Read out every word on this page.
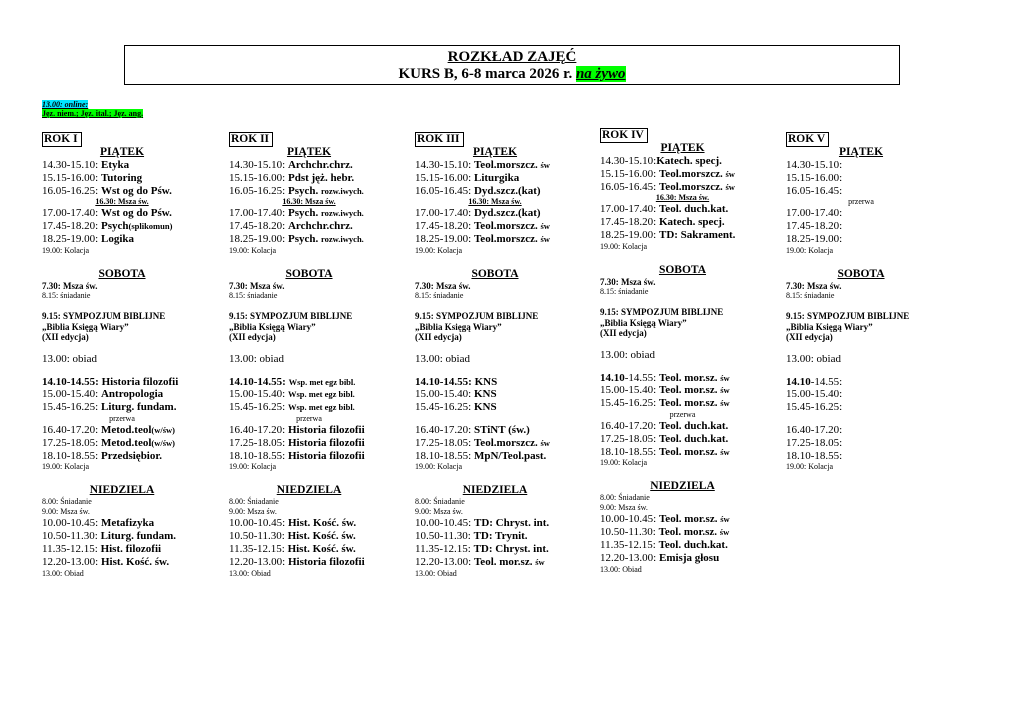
ROZKŁAD ZAJĘĆ
KURS B, 6-8 marca 2026 r. na żywo
13.00: online:
Jęz. niem.; Jęz. ital.; Jęz. ang.
ROK I
PIĄTEK
14.30-15.10: Etyka
15.15-16.00: Tutoring
16.05-16.25: Wst og do Pśw.
16.30: Msza św.
17.00-17.40: Wst og do Pśw.
17.45-18.20: Psych(splikomun)
18.25-19.00: Logika
19.00: Kolacja
SOBOTA
7.30: Msza św.
8.15: śniadanie
9.15: SYMPOZJUM BIBLIJNE
„Biblia Księgą Wiary”
(XII edycja)
13.00: obiad
14.10-14.55: Historia filozofii
15.00-15.40: Antropologia
15.45-16.25: Liturg. fundam.
przerwa
16.40-17.20: Metod.teol(w/św)
17.25-18.05: Metod.teol(w/św)
18.10-18.55: Przedsiębior.
19.00: Kolacja
NIEDZIELA
8.00: Śniadanie
9.00: Msza św.
10.00-10.45: Metafizyka
10.50-11.30: Liturg. fundam.
11.35-12.15: Hist. filozofii
12.20-13.00: Hist. Kość. św.
13.00: Obiad
ROK II
PIĄTEK
14.30-15.10: Archchr.chrz.
15.15-16.00: Pdst jęż. hebr.
16.05-16.25: Psych. rozw.iwych.
16.30: Msza św.
17.00-17.40: Psych. rozw.iwych.
17.45-18.20: Archchr.chrz.
18.25-19.00: Psych. rozw.iwych.
19.00: Kolacja
SOBOTA
7.30: Msza św.
8.15: śniadanie
9.15: SYMPOZJUM BIBLIJNE
„Biblia Księgą Wiary”
(XII edycja)
13.00: obiad
14.10-14.55: Wsp. met egz bibl.
15.00-15.40: Wsp. met egz bibl.
15.45-16.25: Wsp. met egz bibl.
przerwa
16.40-17.20: Historia filozofii
17.25-18.05: Historia filozofii
18.10-18.55: Historia filozofii
19.00: Kolacja
NIEDZIELA
8.00: Śniadanie
9.00: Msza św.
10.00-10.45: Hist. Kość. św.
10.50-11.30: Hist. Kość. św.
11.35-12.15: Hist. Kość. św.
12.20-13.00: Historia filozofii
13.00: Obiad
ROK III
PIĄTEK
14.30-15.10: Teol.morszcz. św
15.15-16.00: Liturgika
16.05-16.45: Dyd.szcz.(kat)
16.30: Msza św.
17.00-17.40: Dyd.szcz.(kat)
17.45-18.20: Teol.morszcz. św
18.25-19.00: Teol.morszcz. św
19.00: Kolacja
SOBOTA
7.30: Msza św.
8.15: śniadanie
9.15: SYMPOZJUM BIBLIJNE
„Biblia Księgą Wiary”
(XII edycja)
13.00: obiad
14.10-14.55: KNS
15.00-15.40: KNS
15.45-16.25: KNS
16.40-17.20: STiNT (św.)
17.25-18.05: Teol.morszcz. św
18.10-18.55: MpN/Teol.past.
19.00: Kolacja
NIEDZIELA
8.00: Śniadanie
9.00: Msza św.
10.00-10.45: TD: Chryst. int.
10.50-11.30: TD: Trynit.
11.35-12.15: TD: Chryst. int.
12.20-13.00: Teol. mor.sz. św
13.00: Obiad
ROK IV
PIĄTEK
14.30-15.10:Katech. specj.
15.15-16.00: Teol.morszcz. św
16.05-16.45: Teol.morszcz. św
16.30: Msza św.
17.00-17.40: Teol. duch.kat.
17.45-18.20: Katech. specj.
18.25-19.00: TD: Sakrament.
19.00: Kolacja
SOBOTA
7.30: Msza św.
8.15: śniadanie
9.15: SYMPOZJUM BIBLIJNE
„Biblia Księgą Wiary”
(XII edycja)
13.00: obiad
14.10-14.55: Teol. mor.sz. św
15.00-15.40: Teol. mor.sz. św
15.45-16.25: Teol. mor.sz. św
przerwa
16.40-17.20: Teol. duch.kat.
17.25-18.05: Teol. duch.kat.
18.10-18.55: Teol. mor.sz. św
19.00: Kolacja
NIEDZIELA
8.00: Śniadanie
9.00: Msza św.
10.00-10.45: Teol. mor.sz. św
10.50-11.30: Teol. mor.sz. św
11.35-12.15: Teol. duch.kat.
12.20-13.00: Emisja głosu
13.00: Obiad
ROK V
PIĄTEK
14.30-15.10:
15.15-16.00:
16.05-16.45:
przerwa
17.00-17.40:
17.45-18.20:
18.25-19.00:
19.00: Kolacja
SOBOTA
7.30: Msza św.
8.15: śniadanie
9.15: SYMPOZJUM BIBLIJNE
„Biblia Księgą Wiary”
(XII edycja)
13.00: obiad
14.10-14.55:
15.00-15.40:
15.45-16.25:
16.40-17.20:
17.25-18.05:
18.10-18.55:
19.00: Kolacja
